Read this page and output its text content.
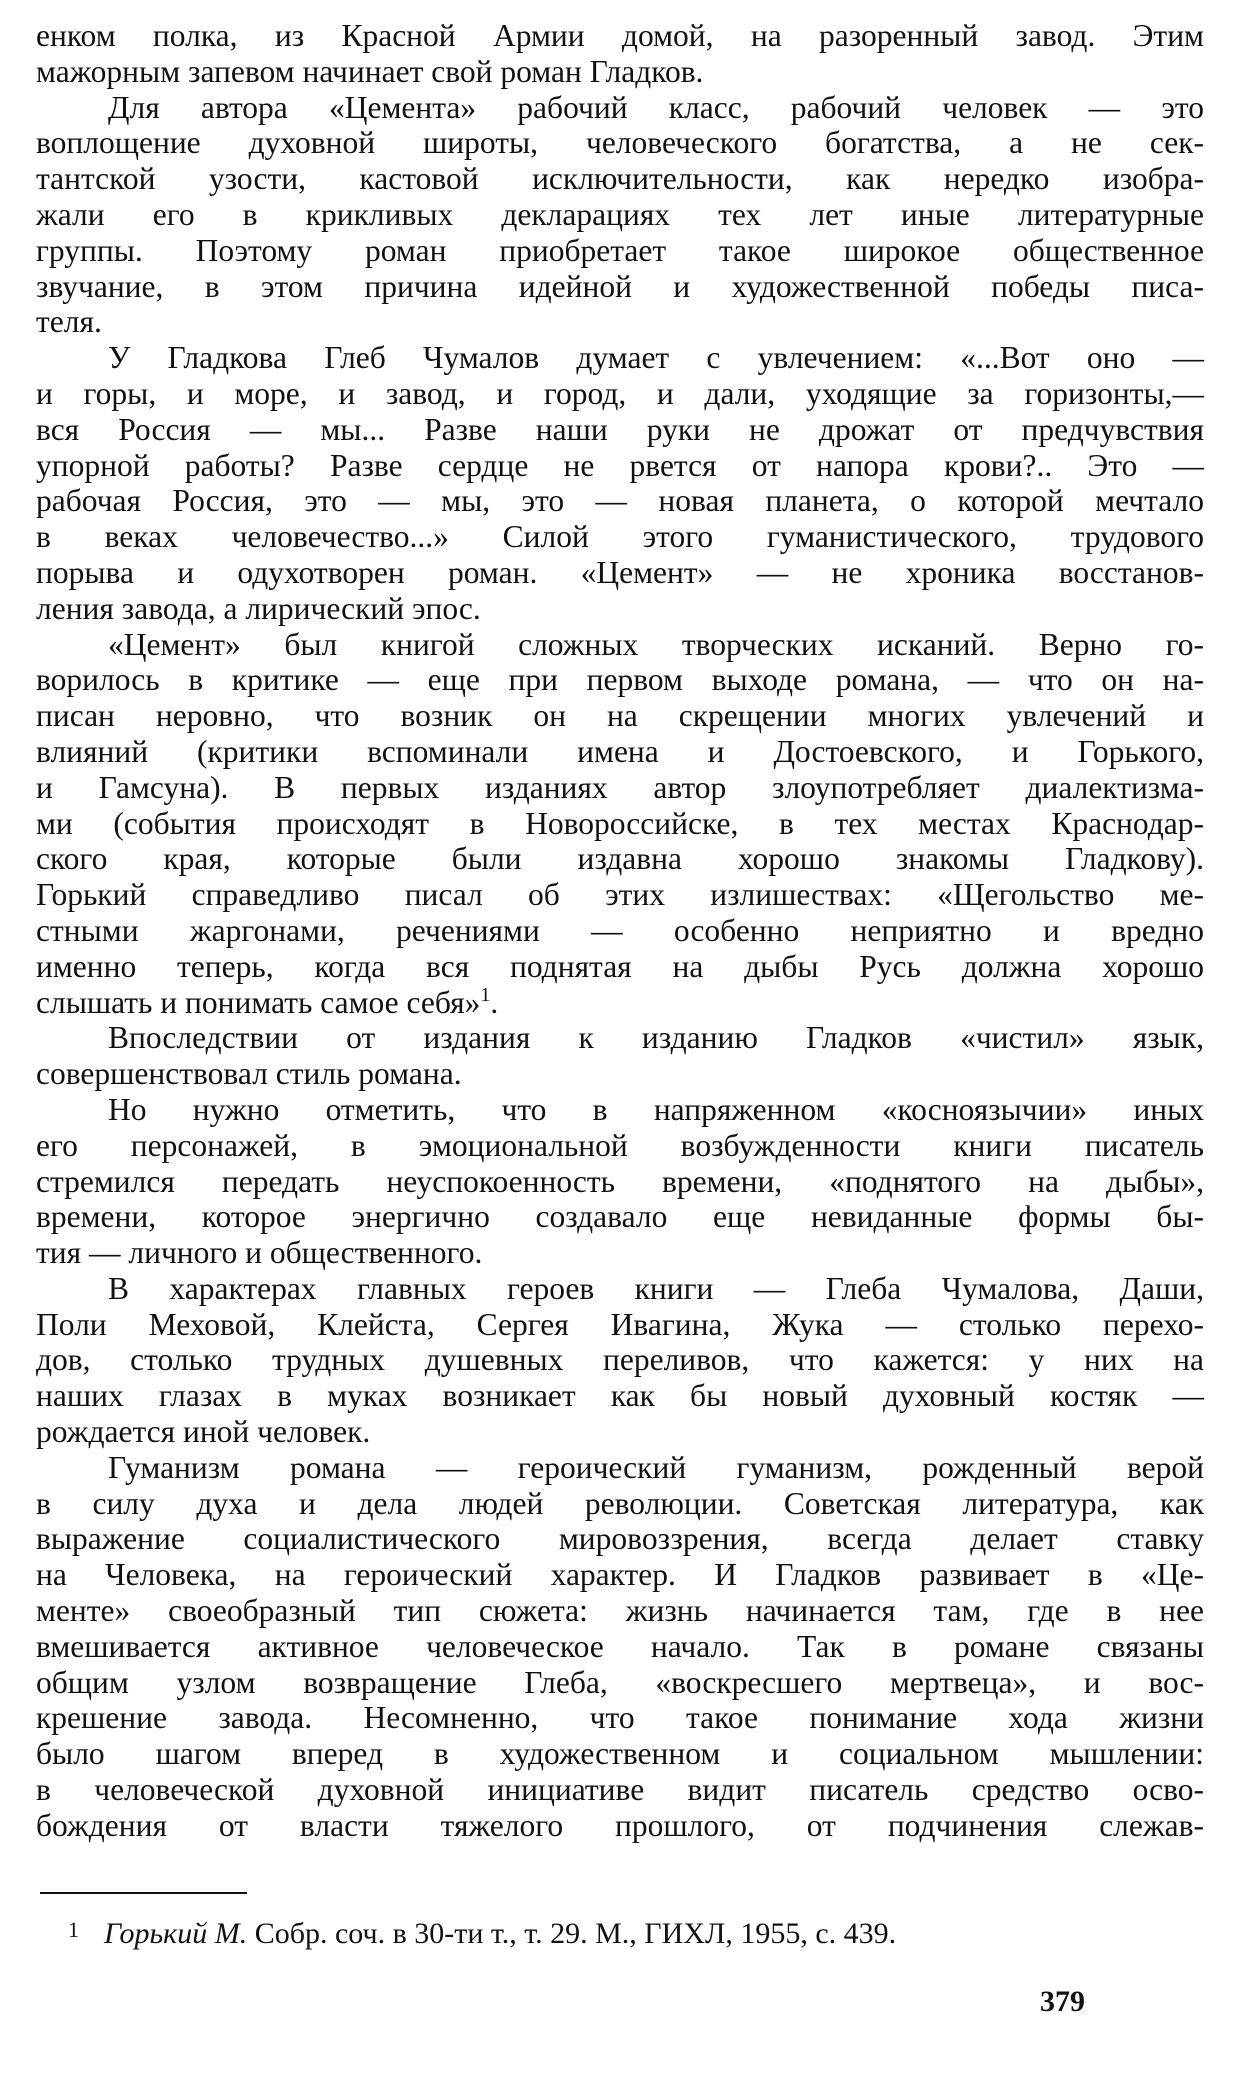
енком полка, из Красной Армии домой, на разоренный завод. Этим
мажорным запевом начинает свой роман Гладков.
Для автора «Цемента» рабочий класс, рабочий человек — это
воплощение духовной широты, человеческого богатства, а не сек-
тантской узости, кастовой исключительности, как нередко изобра-
жали его в крикливых декларациях тех лет иные литературные
группы. Поэтому роман приобретает такое широкое общественное
звучание, в этом причина идейной и художественной победы писа-
теля.
У Гладкова Глеб Чумалов думает с увлечением: «...Вот оно —
и горы, и море, и завод, и город, и дали, уходящие за горизонты,—
вся Россия — мы... Разве наши руки не дрожат от предчувствия
упорной работы? Разве сердце не рвется от напора крови?.. Это —
рабочая Россия, это — мы, это — новая планета, о которой мечтало
в веках человечество...» Силой этого гуманистического, трудового
порыва и одухотворен роман. «Цемент» — не хроника восстанов-
ления завода, а лирический эпос.
«Цемент» был книгой сложных творческих исканий. Верно го-
ворилось в критике — еще при первом выходе романа, — что он на-
писан неровно, что возник он на скрещении многих увлечений и
влияний (критики вспоминали имена и Достоевского, и Горького,
и Гамсуна). В первых изданиях автор злоупотребляет диалектизма-
ми (события происходят в Новороссийске, в тех местах Краснодар-
ского края, которые были издавна хорошо знакомы Гладкову).
Горький справедливо писал об этих излишествах: «Щегольство ме-
стными жаргонами, речениями — особенно неприятно и вредно
именно теперь, когда вся поднятая на дыбы Русь должна хорошо
слышать и понимать самое себя»$^1$.
Впоследствии от издания к изданию Гладков «чистил» язык,
совершенствовал стиль романа.
Но нужно отметить, что в напряженном «косноязычии» иных
его персонажей, в эмоциональной возбужденности книги писатель
стремился передать неуспокоенность времени, «поднятого на дыбы»,
времени, которое энергично создавало еще невиданные формы бы-
тия — личного и общественного.
В характерах главных героев книги — Глеба Чумалова, Даши,
Поли Меховой, Клейста, Сергея Ивагина, Жука — столько перехо-
дов, столько трудных душевных переливов, что кажется: у них на
наших глазах в муках возникает как бы новый духовный костяк —
рождается иной человек.
Гуманизм романа — героический гуманизм, рожденный верой
в силу духа и дела людей революции. Советская литература, как
выражение социалистического мировоззрения, всегда делает ставку
на Человека, на героический характер. И Гладков развивает в «Це-
менте» своеобразный тип сюжета: жизнь начинается там, где в нее
вмешивается активное человеческое начало. Так в романе связаны
общим узлом возвращение Глеба, «воскресшего мертвеца», и вос-
крешение завода. Несомненно, что такое понимание хода жизни
было шагом вперед в художественном и социальном мышлении:
в человеческой духовной инициативе видит писатель средство осво-
бождения от власти тяжелого прошлого, от подчинения слежав-
1 Горький М. Собр. соч. в 30-ти т., т. 29. М., ГИХЛ, 1955, с. 439.
379
